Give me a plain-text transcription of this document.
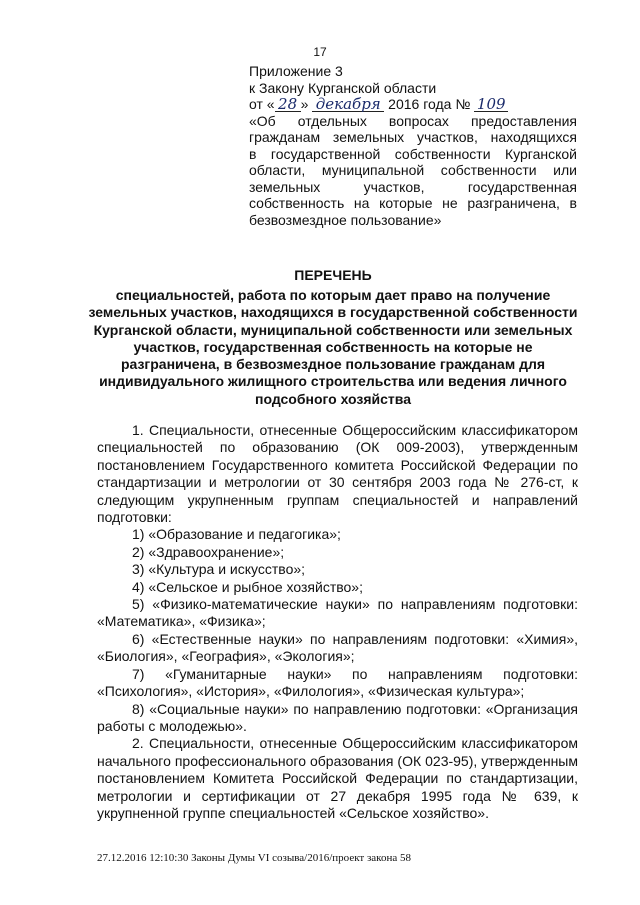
17
Приложение 3
к Закону Курганской области
от « 28 » декабря 2016 года № 109
«Об отдельных вопросах предоставления
гражданам земельных участков, находящихся
в государственной собственности Курганской
области, муниципальной собственности или
земельных участков, государственная
собственность на которые не разграничена, в
безвозмездное пользование»
ПЕРЕЧЕНЬ
специальностей, работа по которым дает право на получение земельных участков, находящихся в государственной собственности Курганской области, муниципальной собственности или земельных участков, государственная собственность на которые не разграничена, в безвозмездное пользование гражданам для индивидуального жилищного строительства или ведения личного подсобного хозяйства

1. Специальности, отнесенные Общероссийским классификатором специальностей по образованию (ОК 009-2003), утвержденным постановлением Государственного комитета Российской Федерации по стандартизации и метрологии от 30 сентября 2003 года № 276-ст, к следующим укрупненным группам специальностей и направлений подготовки:

1) «Образование и педагогика»;

2) «Здравоохранение»;

3) «Культура и искусство»;

4) «Сельское и рыбное хозяйство»;

5) «Физико-математические науки» по направлениям подготовки: «Математика», «Физика»;

6) «Естественные науки» по направлениям подготовки: «Химия», «Биология», «География», «Экология»;

7) «Гуманитарные науки» по направлениям подготовки: «Психология», «История», «Филология», «Физическая культура»;

8) «Социальные науки» по направлению подготовки: «Организация работы с молодежью».

2. Специальности, отнесенные Общероссийским классификатором начального профессионального образования (ОК 023-95), утвержденным постановлением Комитета Российской Федерации по стандартизации, метрологии и сертификации от 27 декабря 1995 года № 639, к укрупненной группе специальностей «Сельское хозяйство».

27.12.2016 12:10:30 Законы Думы VI созыва/2016/проект закона 58
